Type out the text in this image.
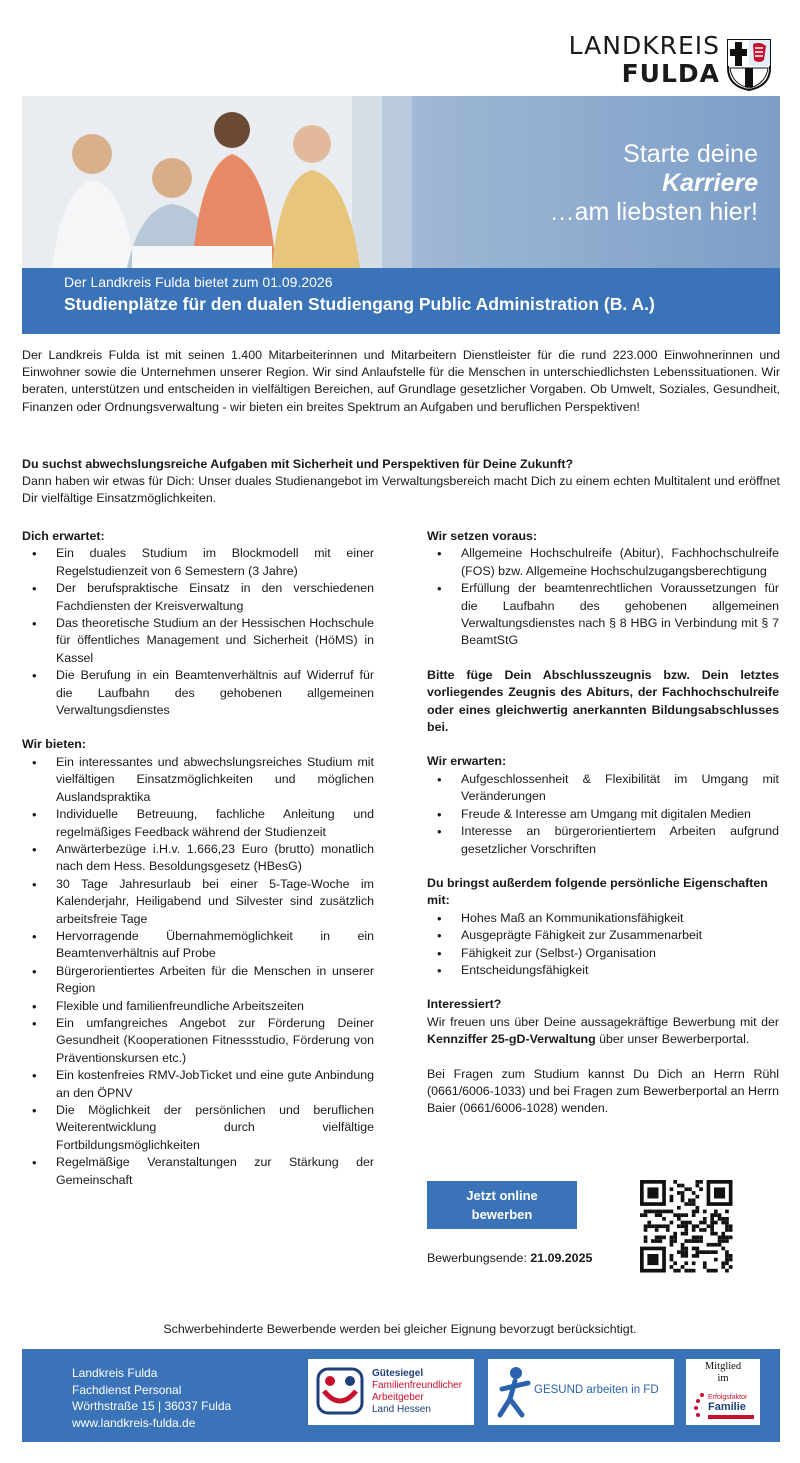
LANDKREIS
FULDA
Starte deine
Karriere
…am liebsten hier!
Der Landkreis Fulda bietet zum 01.09.2026
Studienplätze für den dualen Studiengang Public Administration (B. A.)
Der Landkreis Fulda ist mit seinen 1.400 Mitarbeiterinnen und Mitarbeitern Dienstleister für die rund 223.000 Einwohnerinnen und Einwohner sowie die Unternehmen unserer Region. Wir sind Anlaufstelle für die Menschen in unterschiedlichsten Lebenssituationen. Wir beraten, unterstützen und entscheiden in vielfältigen Bereichen, auf Grundlage gesetzlicher Vorgaben. Ob Umwelt, Soziales, Gesundheit, Finanzen oder Ordnungsverwaltung - wir bieten ein breites Spektrum an Aufgaben und beruflichen Perspektiven!
Du suchst abwechslungsreiche Aufgaben mit Sicherheit und Perspektiven für Deine Zukunft?
Dann haben wir etwas für Dich: Unser duales Studienangebot im Verwaltungsbereich macht Dich zu einem echten Multitalent und eröffnet Dir vielfältige Einsatzmöglichkeiten.
Dich erwartet:
• Ein duales Studium im Blockmodell mit einer Regelstudienzeit von 6 Semestern (3 Jahre)
• Der berufspraktische Einsatz in den verschiedenen Fachdiensten der Kreisverwaltung
• Das theoretische Studium an der Hessischen Hochschule für öffentliches Management und Sicherheit (HöMS) in Kassel
• Die Berufung in ein Beamtenverhältnis auf Widerruf für die Laufbahn des gehobenen allgemeinen Verwaltungsdienstes
Wir bieten:
• Ein interessantes und abwechslungsreiches Studium mit vielfältigen Einsatzmöglichkeiten und möglichen Auslandspraktika
• Individuelle Betreuung, fachliche Anleitung und regelmäßiges Feedback während der Studienzeit
• Anwärterbezüge i.H.v. 1.666,23 Euro (brutto) monatlich nach dem Hess. Besoldungsgesetz (HBesG)
• 30 Tage Jahresurlaub bei einer 5-Tage-Woche im Kalenderjahr, Heiligabend und Silvester sind zusätzlich arbeitsfreie Tage
• Hervorragende Übernahmemöglichkeit in ein Beamtenverhältnis auf Probe
• Bürgerorientiertes Arbeiten für die Menschen in unserer Region
• Flexible und familienfreundliche Arbeitszeiten
• Ein umfangreiches Angebot zur Förderung Deiner Gesundheit (Kooperationen Fitnessstudio, Förderung von Präventionskursen etc.)
• Ein kostenfreies RMV-JobTicket und eine gute Anbindung an den ÖPNV
• Die Möglichkeit der persönlichen und beruflichen Weiterentwicklung durch vielfältige Fortbildungsmöglichkeiten
• Regelmäßige Veranstaltungen zur Stärkung der Gemeinschaft
Wir setzen voraus:
• Allgemeine Hochschulreife (Abitur), Fachhochschulreife (FOS) bzw. Allgemeine Hochschulzugangsberechtigung
• Erfüllung der beamtenrechtlichen Voraussetzungen für die Laufbahn des gehobenen allgemeinen Verwaltungsdienstes nach § 8 HBG in Verbindung mit § 7 BeamtStG

Bitte füge Dein Abschlusszeugnis bzw. Dein letztes vorliegendes Zeugnis des Abiturs, der Fachhochschulreife oder eines gleichwertig anerkannten Bildungsabschlusses bei.

Wir erwarten:
• Aufgeschlossenheit & Flexibilität im Umgang mit Veränderungen
• Freude & Interesse am Umgang mit digitalen Medien
• Interesse an bürgerorientiertem Arbeiten aufgrund gesetzlicher Vorschriften
Du bringst außerdem folgende persönliche Eigenschaften mit:
• Hohes Maß an Kommunikationsfähigkeit
• Ausgeprägte Fähigkeit zur Zusammenarbeit
• Fähigkeit zur (Selbst-) Organisation
• Entscheidungsfähigkeit
Interessiert?

Wir freuen uns über Deine aussagekräftige Bewerbung mit der Kennziffer 25-gD-Verwaltung über unser Bewerberportal.

Bei Fragen zum Studium kannst Du Dich an Herrn Rühl (0661/6006-1033) und bei Fragen zum Bewerberportal an Herrn Baier (0661/6006-1028) wenden.

Jetzt online
bewerben
Bewerbungsende: 21.09.2025
Schwerbehinderte Bewerbende werden bei gleicher Eignung bevorzugt berücksichtigt.
Landkreis Fulda
Fachdienst Personal
Wörthstraße 15 | 36037 Fulda
www.landkreis-fulda.de
Gütesiegel
Familienfreundlicher
Arbeitgeber
Land Hessen
GESUND arbeiten in FD
Mitglied
im
Erfolgsfaktor
Familie
